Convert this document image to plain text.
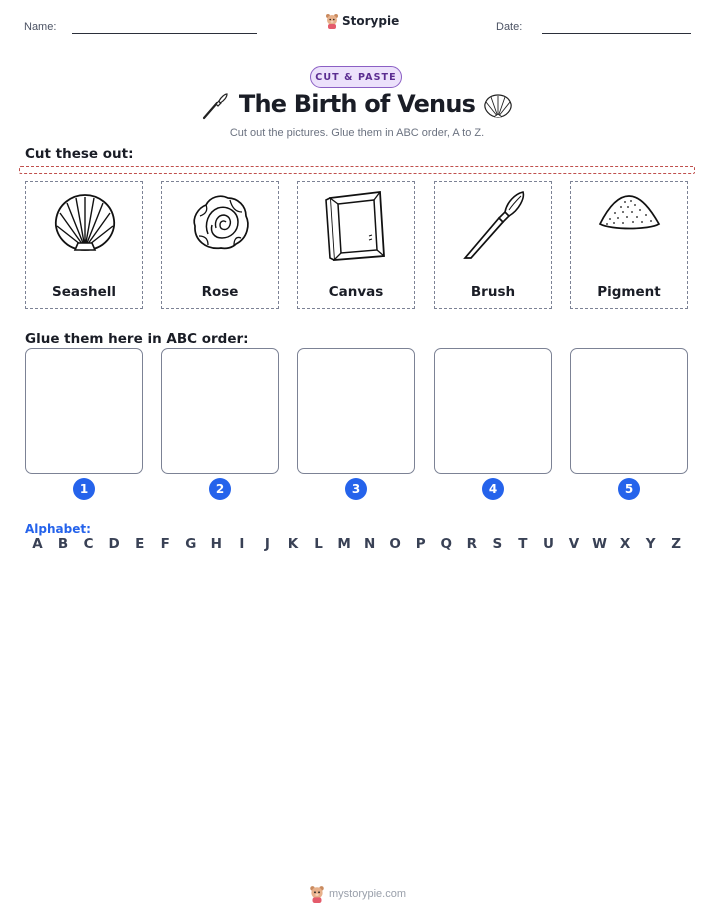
Name:	Storypie	Date:
CUT & PASTE
The Birth of Venus
Cut out the pictures. Glue them in ABC order, A to Z.
Cut these out:
Seashell	Rose	Canvas	Brush	Pigment
Glue them here in ABC order:
1	2	3	4	5
Alphabet:
A	B	C	D	E	F	G	H	I	J	K	L	M N	O	P	Q	R	S	T	U	V W X	Y	Z
mystorypie.com
